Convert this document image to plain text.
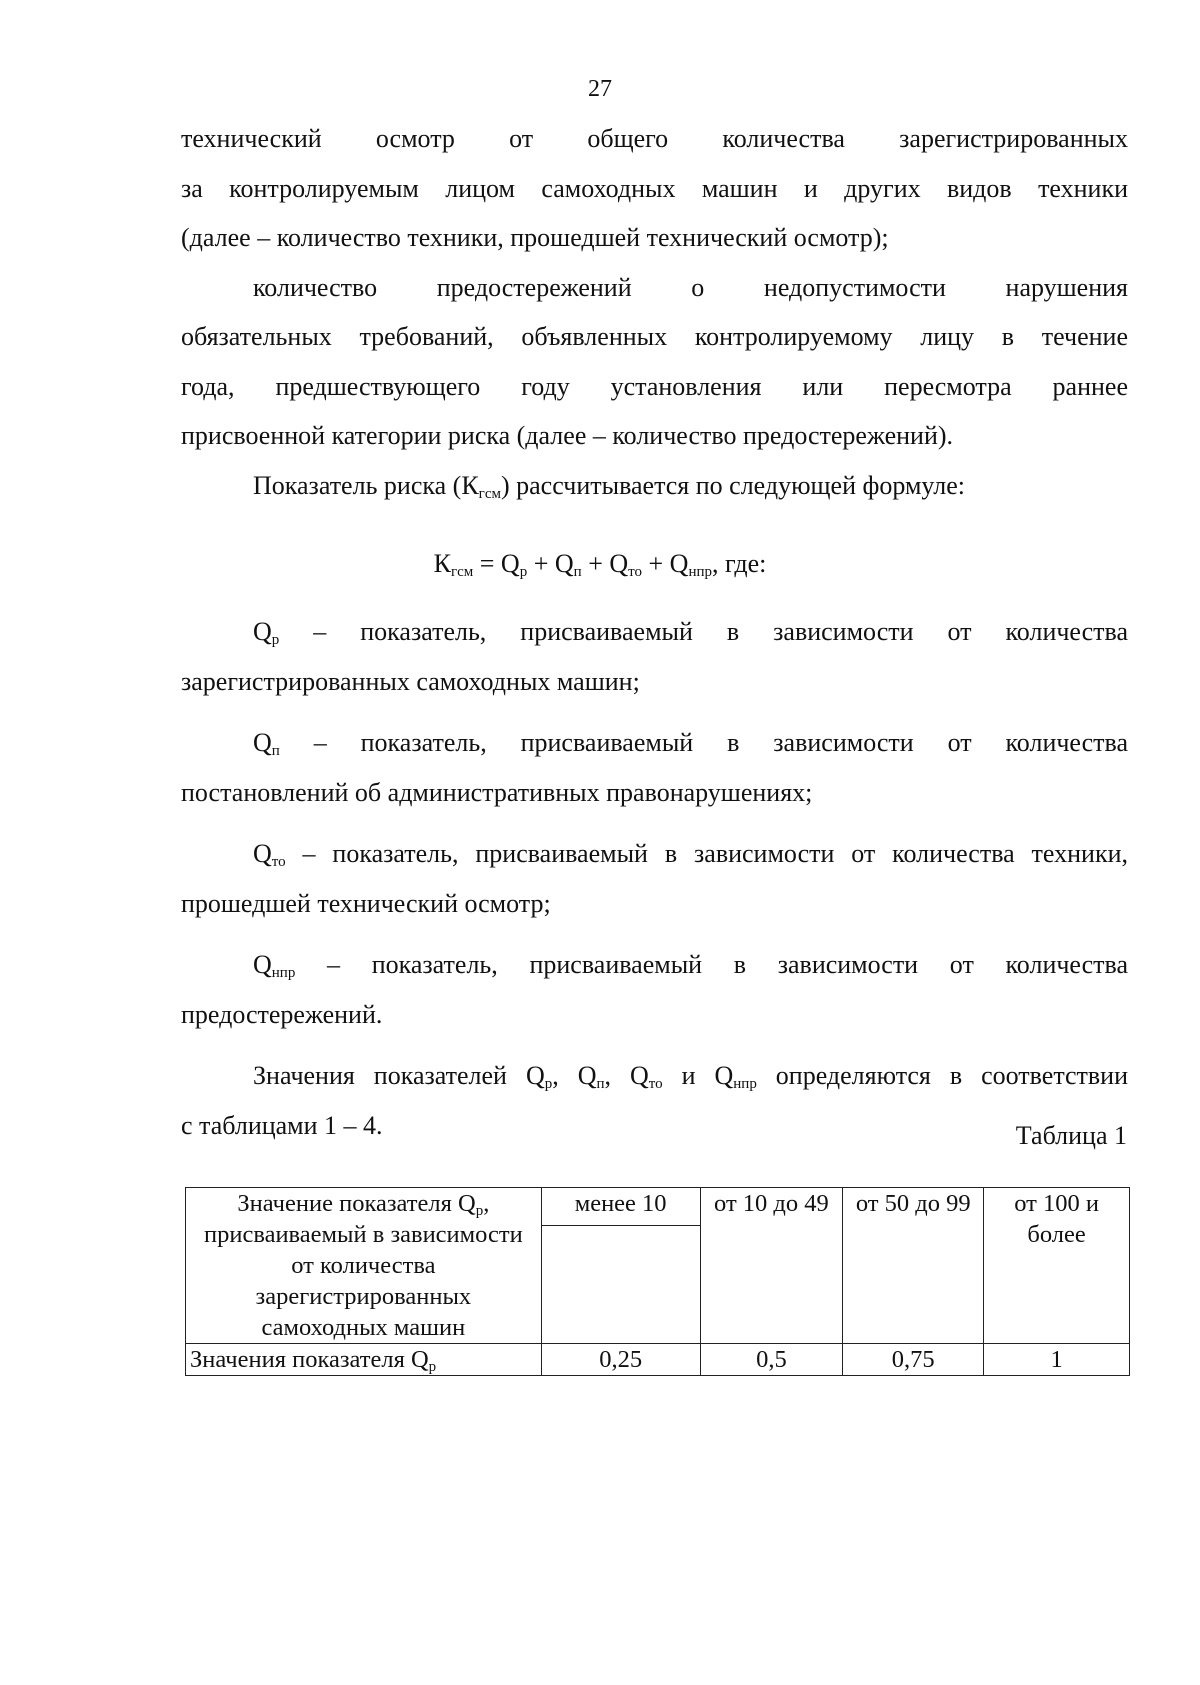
27

технический осмотр от общего количества зарегистрированных

за контролируемым лицом самоходных машин и других видов техники

(далее – количество техники, прошедшей технический осмотр);

количество предостережений о недопустимости нарушения

обязательных требований, объявленных контролируемому лицу в течение

года, предшествующего году установления или пересмотра раннее

присвоенной категории риска (далее – количество предостережений).

Показатель риска $(К_{гсм})$ рассчитывается по следующей формуле:

$Q_р$ – показатель, присваиваемый в зависимости от количества

зарегистрированных самоходных машин;

$Q_п$ – показатель, присваиваемый в зависимости от количества

постановлений об административных правонарушениях;

$Q_{то}$ – показатель, присваиваемый в зависимости от количества техники,

прошедшей технический осмотр;

$Q_{нпр}$ – показатель, присваиваемый в зависимости от количества

предостережений.

Значения показателей $Q_р$, $Q_п$, $Q_{то}$ и $Q_{нпр}$ определяются в соответствии

с таблицами 1 – 4.

$К_{гсм} = Q_р + Q_п + Q_{то} + Q_{нпр}$, где:
Таблица 1
Значение показателя $Q_р$, присваиваемый в зависимости от количества зарегистрированных самоходных машин	менее 10	от 10 до 49	от 50 до 99	от 100 и более

Значения показателя $Q_р$	0,25	0,5	0,75	1
